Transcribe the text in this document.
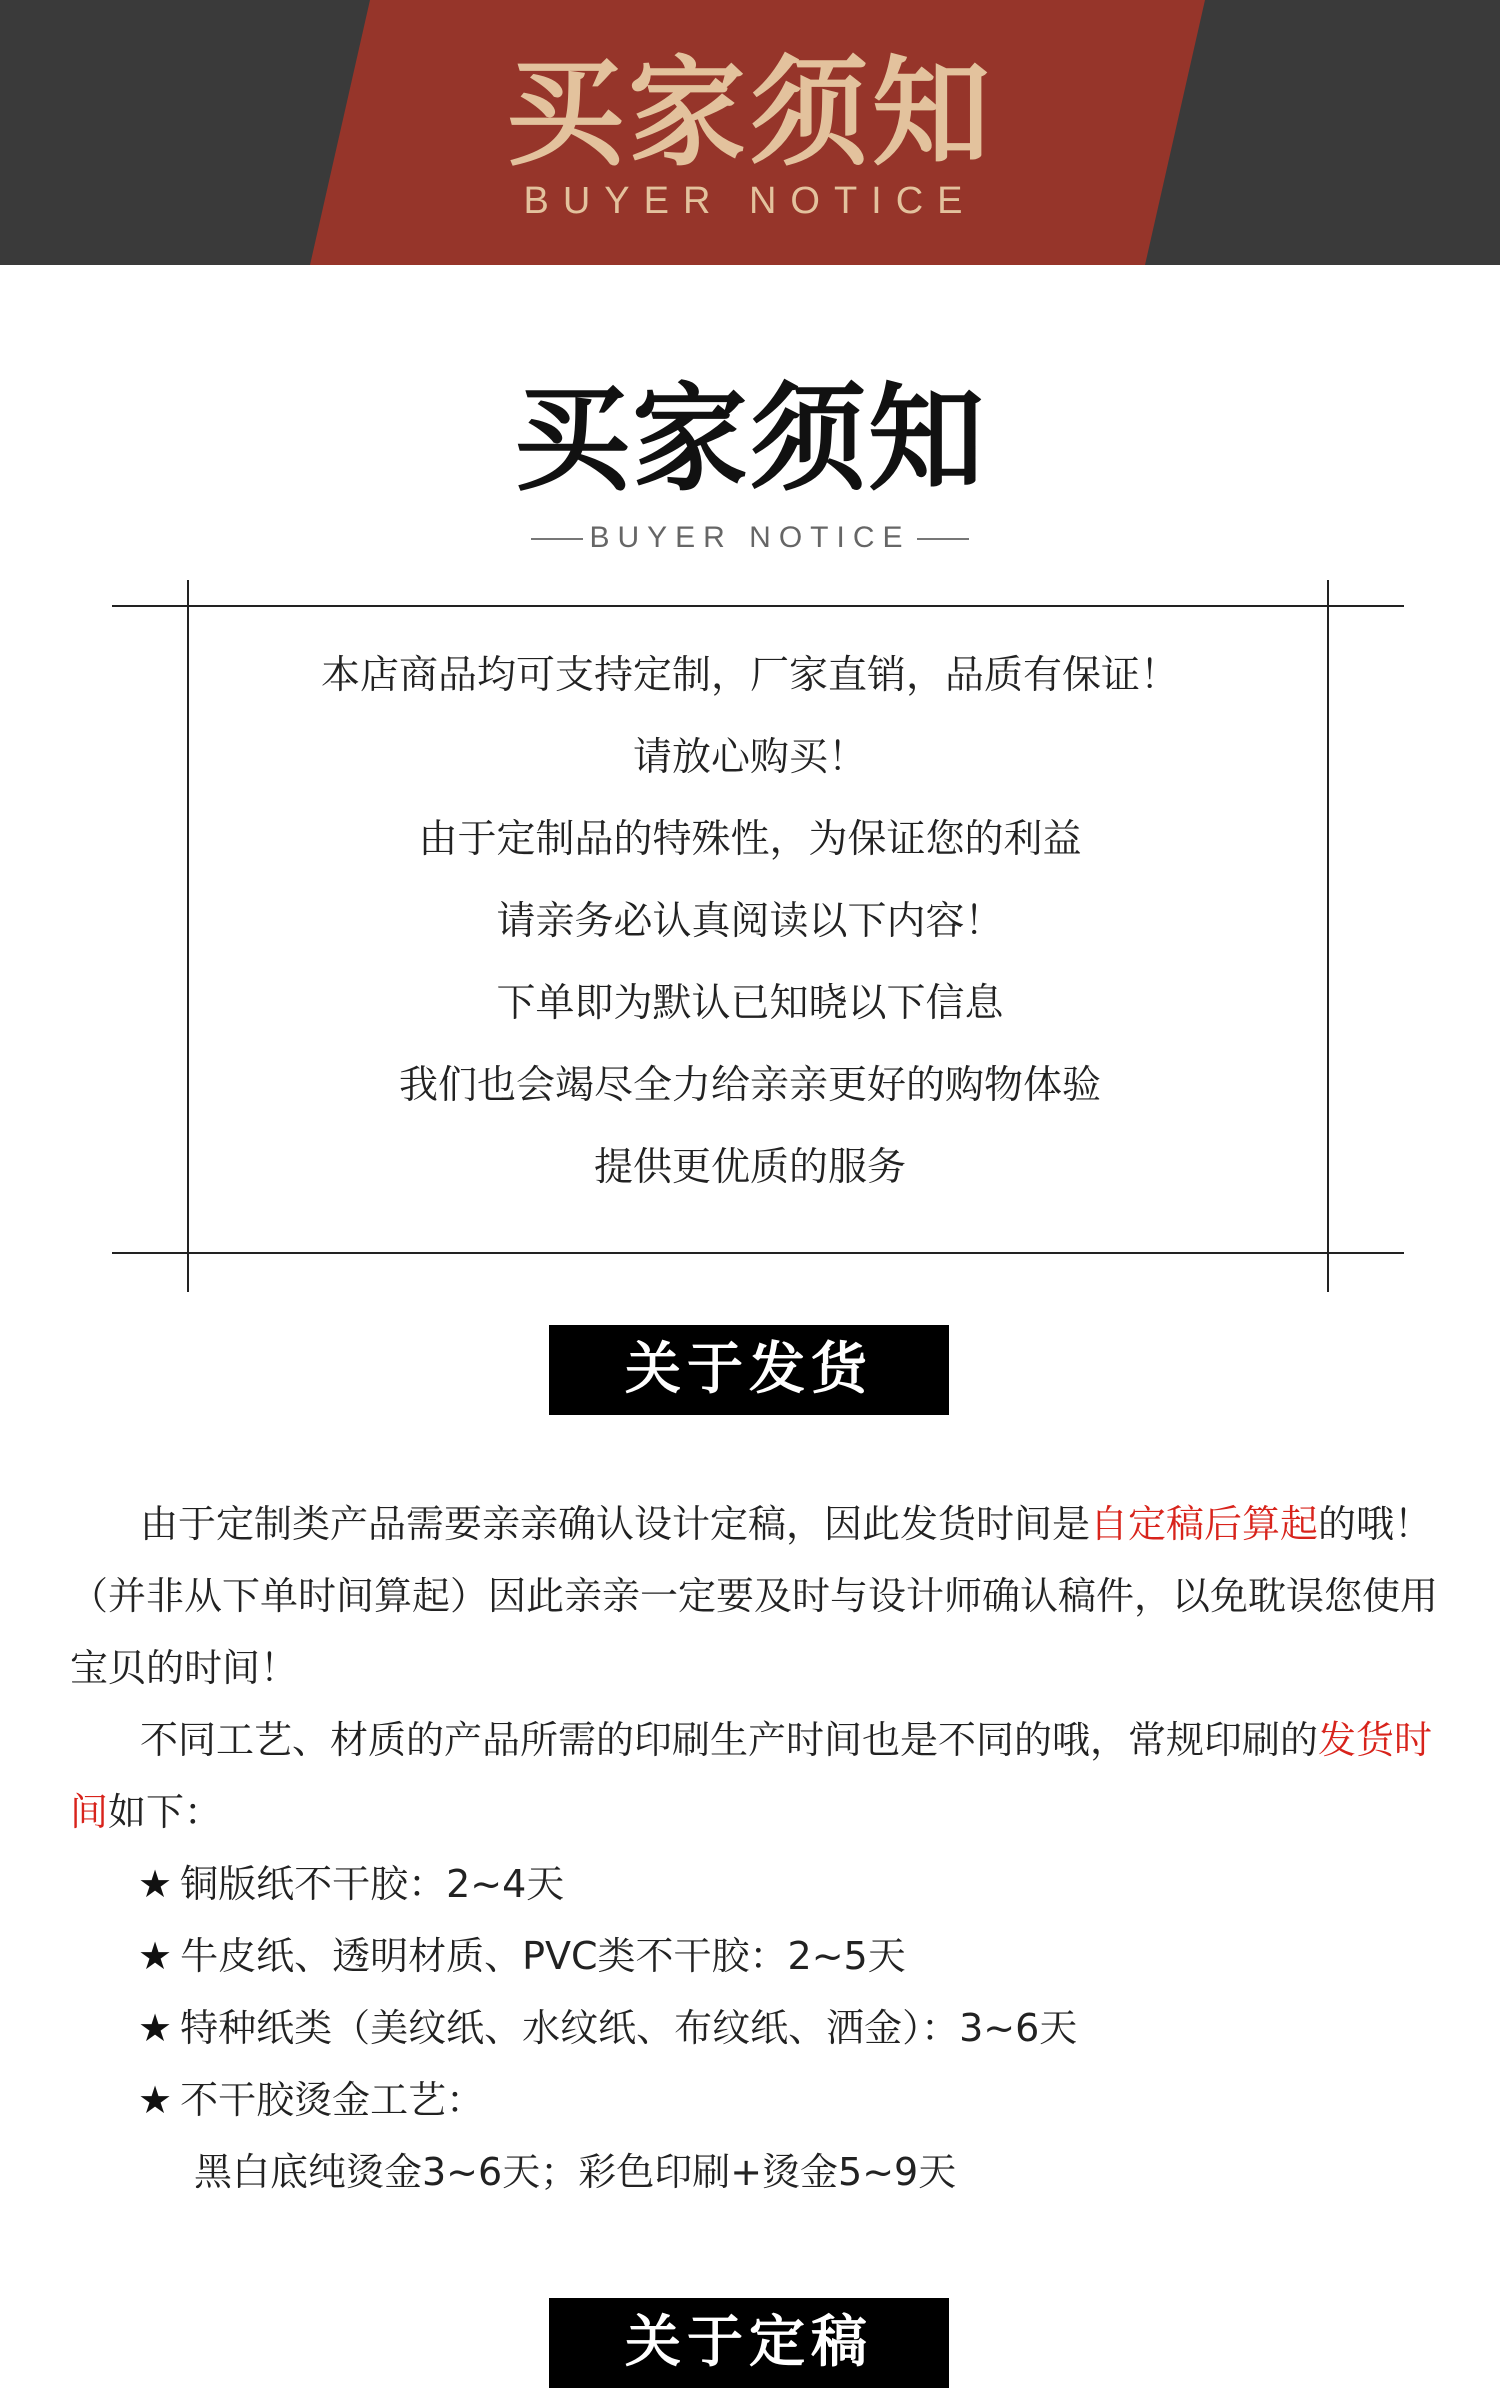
买家须知
BUYER NOTICE
买家须知
BUYER NOTICE

本店商品均可支持定制，厂家直销，品质有保证！

请放心购买！

由于定制品的特殊性，为保证您的利益

请亲务必认真阅读以下内容！

下单即为默认已知晓以下信息

我们也会竭尽全力给亲亲更好的购物体验

提供更优质的服务

关于发货

由于定制类产品需要亲亲确认设计定稿，因此发货时间是自定稿后算起的哦！（并非从下单时间算起）因此亲亲一定要及时与设计师确认稿件，以免耽误您使用宝贝的时间！

不同工艺、材质的产品所需的印刷生产时间也是不同的哦，常规印刷的发货时间如下：

★ 铜版纸不干胶：2~4天

★ 牛皮纸、透明材质、PVC类不干胶：2~5天

★ 特种纸类（美纹纸、水纹纸、布纹纸、洒金）：3~6天

★ 不干胶烫金工艺：

黑白底纯烫金3~6天；彩色印刷+烫金5~9天

关于定稿
